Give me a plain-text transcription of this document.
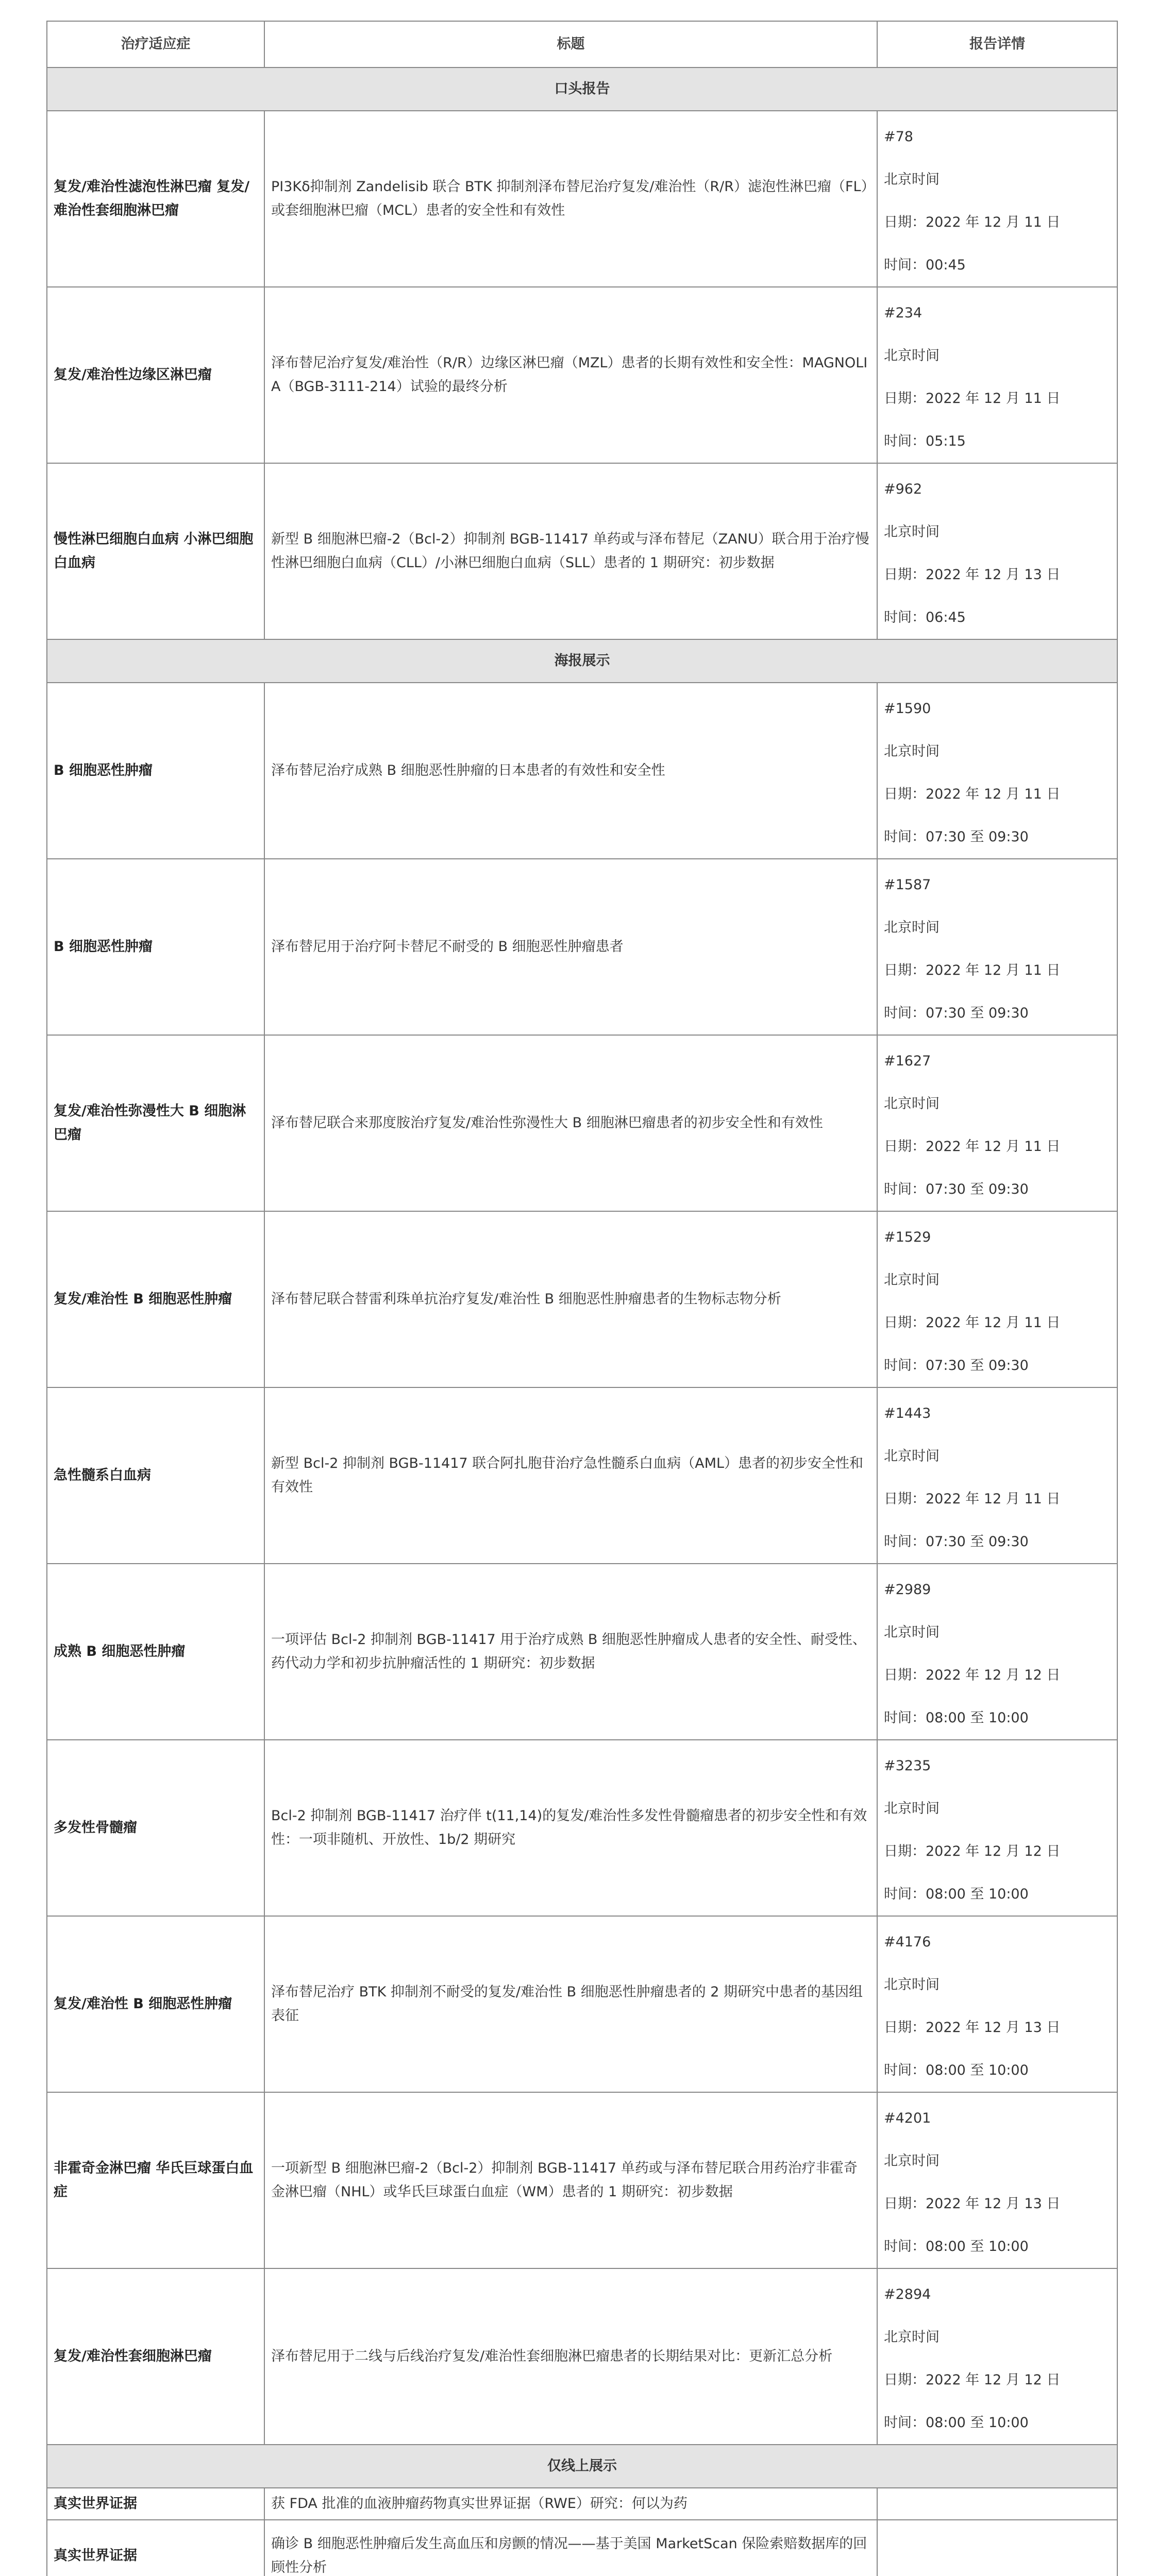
治疗适应症	标题	报告详情
口头报告		
复发/难治性滤泡性淋巴瘤 复发/难治性套细胞淋巴瘤	PI3Kδ抑制剂 Zandelisib 联合 BTK 抑制剂泽布替尼治疗复发/难治性（R/R）滤泡性淋巴瘤（FL）或套细胞淋巴瘤（MCL）患者的安全性和有效性	#78
北京时间
日期：2022 年 12 月 11 日
时间：00:45

复发/难治性边缘区淋巴瘤	泽布替尼治疗复发/难治性（R/R）边缘区淋巴瘤（MZL）患者的长期有效性和安全性：MAGNOLIA（BGB-3111-214）试验的最终分析	#234
北京时间
日期：2022 年 12 月 11 日
时间：05:15

慢性淋巴细胞白血病 小淋巴细胞白血病	新型 B 细胞淋巴瘤-2（Bcl-2）抑制剂 BGB-11417 单药或与泽布替尼（ZANU）联合用于治疗慢性淋巴细胞白血病（CLL）/小淋巴细胞白血病（SLL）患者的 1 期研究：初步数据	#962
北京时间
日期：2022 年 12 月 13 日
时间：06:45

海报展示		
B 细胞恶性肿瘤	泽布替尼治疗成熟 B 细胞恶性肿瘤的日本患者的有效性和安全性	#1590
北京时间
日期：2022 年 12 月 11 日
时间：07:30 至 09:30

B 细胞恶性肿瘤	泽布替尼用于治疗阿卡替尼不耐受的 B 细胞恶性肿瘤患者	#1587
北京时间
日期：2022 年 12 月 11 日
时间：07:30 至 09:30

复发/难治性弥漫性大 B 细胞淋巴瘤	泽布替尼联合来那度胺治疗复发/难治性弥漫性大 B 细胞淋巴瘤患者的初步安全性和有效性	#1627
北京时间
日期：2022 年 12 月 11 日
时间：07:30 至 09:30

复发/难治性 B 细胞恶性肿瘤	泽布替尼联合替雷利珠单抗治疗复发/难治性 B 细胞恶性肿瘤患者的生物标志物分析	#1529
北京时间
日期：2022 年 12 月 11 日
时间：07:30 至 09:30

急性髓系白血病	新型 Bcl-2 抑制剂 BGB-11417 联合阿扎胞苷治疗急性髓系白血病（AML）患者的初步安全性和有效性	#1443
北京时间
日期：2022 年 12 月 11 日
时间：07:30 至 09:30

成熟 B 细胞恶性肿瘤	一项评估 Bcl-2 抑制剂 BGB-11417 用于治疗成熟 B 细胞恶性肿瘤成人患者的安全性、耐受性、药代动力学和初步抗肿瘤活性的 1 期研究：初步数据	#2989
北京时间
日期：2022 年 12 月 12 日
时间：08:00 至 10:00

多发性骨髓瘤	Bcl-2 抑制剂 BGB-11417 治疗伴 t(11,14)的复发/难治性多发性骨髓瘤患者的初步安全性和有效性：一项非随机、开放性、1b/2 期研究	#3235
北京时间
日期：2022 年 12 月 12 日
时间：08:00 至 10:00

复发/难治性 B 细胞恶性肿瘤	泽布替尼治疗 BTK 抑制剂不耐受的复发/难治性 B 细胞恶性肿瘤患者的 2 期研究中患者的基因组表征	#4176
北京时间
日期：2022 年 12 月 13 日
时间：08:00 至 10:00

非霍奇金淋巴瘤 华氏巨球蛋白血症	一项新型 B 细胞淋巴瘤-2（Bcl-2）抑制剂 BGB-11417 单药或与泽布替尼联合用药治疗非霍奇金淋巴瘤（NHL）或华氏巨球蛋白血症（WM）患者的 1 期研究：初步数据	#4201
北京时间
日期：2022 年 12 月 13 日
时间：08:00 至 10:00

复发/难治性套细胞淋巴瘤	泽布替尼用于二线与后线治疗复发/难治性套细胞淋巴瘤患者的长期结果对比：更新汇总分析	#2894
北京时间
日期：2022 年 12 月 12 日
时间：08:00 至 10:00

仅线上展示		
真实世界证据	获 FDA 批准的血液肿瘤药物真实世界证据（RWE）研究：何以为药	
真实世界证据	确诊 B 细胞恶性肿瘤后发生高血压和房颤的情况——基于美国 MarketScan 保险索赔数据库的回顾性分析	
